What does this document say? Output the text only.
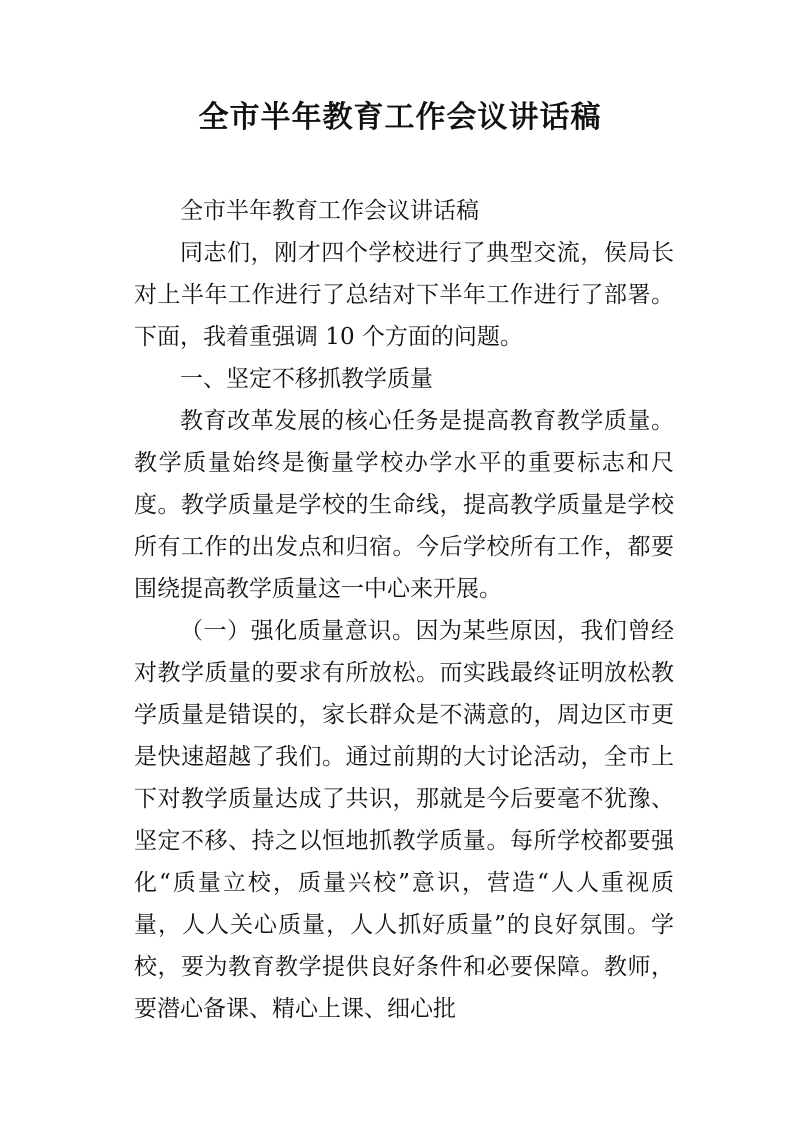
全市半年教育工作会议讲话稿

全市半年教育工作会议讲话稿

同志们，刚才四个学校进行了典型交流，侯局长对上半年工作进行了总结对下半年工作进行了部署。下面，我着重强调 10 个方面的问题。

一、坚定不移抓教学质量

教育改革发展的核心任务是提高教育教学质量。教学质量始终是衡量学校办学水平的重要标志和尺度。教学质量是学校的生命线，提高教学质量是学校所有工作的出发点和归宿。今后学校所有工作，都要围绕提高教学质量这一中心来开展。

（一）强化质量意识。因为某些原因，我们曾经对教学质量的要求有所放松。而实践最终证明放松教学质量是错误的，家长群众是不满意的，周边区市更是快速超越了我们。通过前期的大讨论活动，全市上下对教学质量达成了共识，那就是今后要毫不犹豫、坚定不移、持之以恒地抓教学质量。每所学校都要强化“质量立校，质量兴校”意识，营造“人人重视质量，人人关心质量，人人抓好质量”的良好氛围。学校，要为教育教学提供良好条件和必要保障。教师，要潜心备课、精心上课、细心批
